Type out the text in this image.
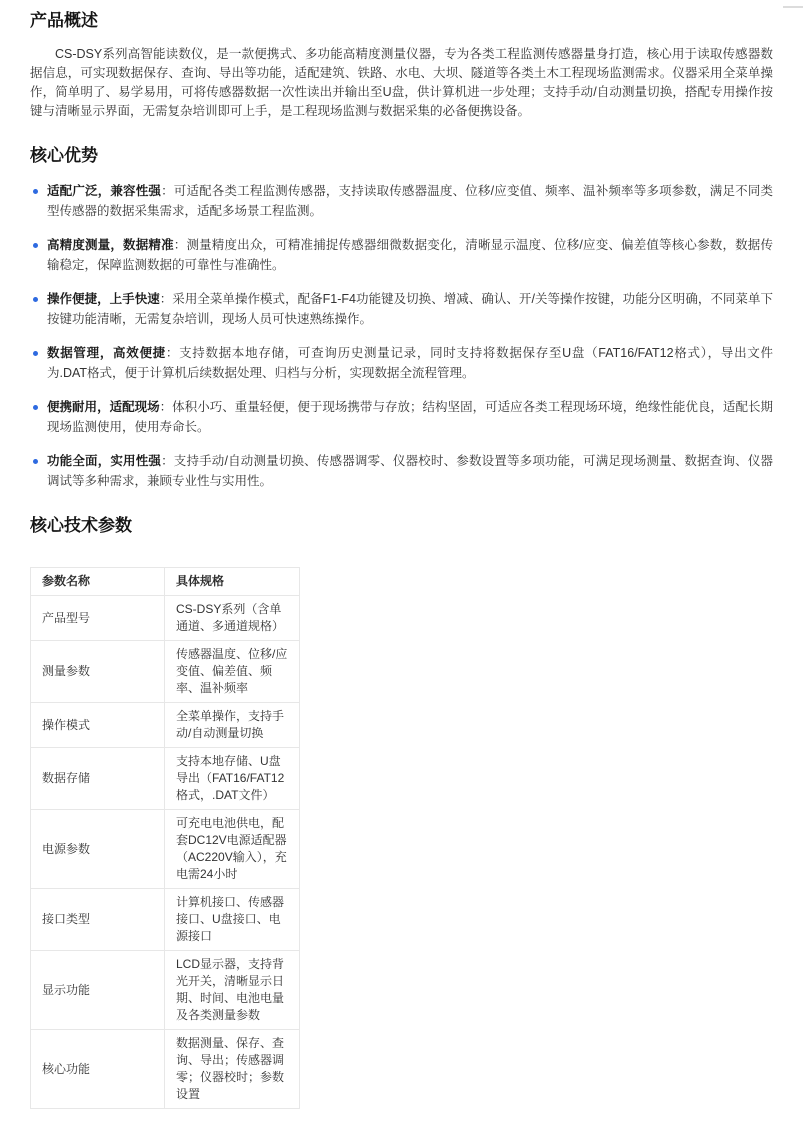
产品概述

CS-DSY系列高智能读数仪，是一款便携式、多功能高精度测量仪器，专为各类工程监测传感器量身打造，核心用于读取传感器数据信息，可实现数据保存、查询、导出等功能，适配建筑、铁路、水电、大坝、隧道等各类土木工程现场监测需求。仪器采用全菜单操作，简单明了、易学易用，可将传感器数据一次性读出并输出至U盘，供计算机进一步处理；支持手动/自动测量切换，搭配专用操作按键与清晰显示界面，无需复杂培训即可上手，是工程现场监测与数据采集的必备便携设备。

核心优势
适配广泛，兼容性强：可适配各类工程监测传感器，支持读取传感器温度、位移/应变值、频率、温补频率等多项参数，满足不同类型传感器的数据采集需求，适配多场景工程监测。
高精度测量，数据精准：测量精度出众，可精准捕捉传感器细微数据变化，清晰显示温度、位移/应变、偏差值等核心参数，数据传输稳定，保障监测数据的可靠性与准确性。
操作便捷，上手快速：采用全菜单操作模式，配备F1-F4功能键及切换、增减、确认、开/关等操作按键，功能分区明确，不同菜单下按键功能清晰，无需复杂培训，现场人员可快速熟练操作。
数据管理，高效便捷：支持数据本地存储，可查询历史测量记录，同时支持将数据保存至U盘（FAT16/FAT12格式），导出文件为.DAT格式，便于计算机后续数据处理、归档与分析，实现数据全流程管理。
便携耐用，适配现场：体积小巧、重量轻便，便于现场携带与存放；结构坚固，可适应各类工程现场环境，绝缘性能优良，适配长期现场监测使用，使用寿命长。
功能全面，实用性强：支持手动/自动测量切换、传感器调零、仪器校时、参数设置等多项功能，可满足现场测量、数据查询、仪器调试等多种需求，兼顾专业性与实用性。
核心技术参数
参数名称	具体规格
产品型号	CS-DSY系列（含单通道、多通道规格）
测量参数	传感器温度、位移/应变值、偏差值、频率、温补频率
操作模式	全菜单操作，支持手动/自动测量切换
数据存储	支持本地存储、U盘导出（FAT16/FAT12格式，.DAT文件）
电源参数	可充电电池供电，配套DC12V电源适配器（AC220V输入），充电需24小时
接口类型	计算机接口、传感器接口、U盘接口、电源接口
显示功能	LCD显示器，支持背光开关，清晰显示日期、时间、电池电量及各类测量参数
核心功能	数据测量、保存、查询、导出；传感器调零；仪器校时；参数设置
